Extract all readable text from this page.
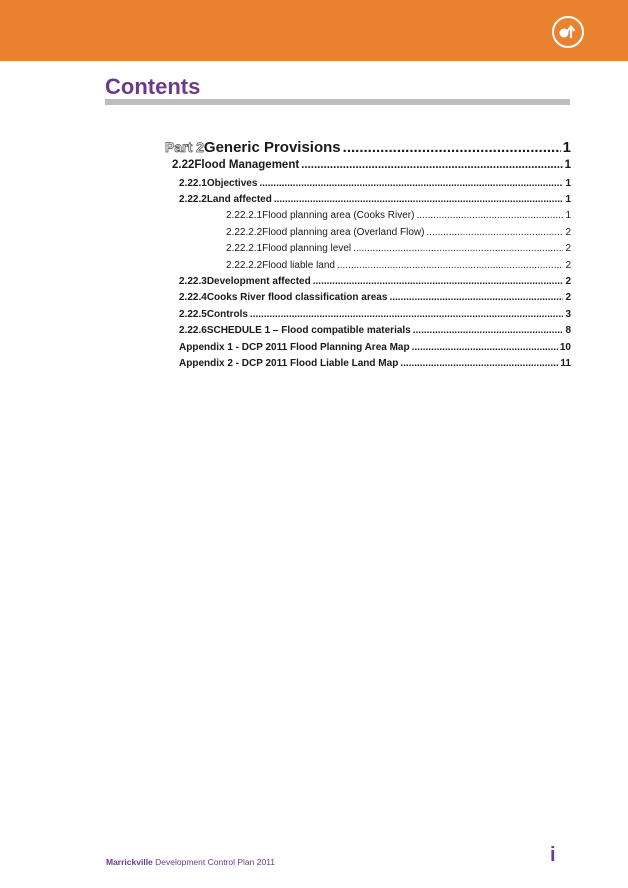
Contents
Part 2 Generic Provisions .....	1
2.22 Flood Management .....	1
2.22.1 Objectives .....	1
2.22.2 Land affected .....	1
2.22.2.1 Flood planning area (Cooks River) .....	1
2.22.2.2 Flood planning area (Overland Flow) .....	2
2.22.2.1 Flood planning level .....	2
2.22.2.2 Flood liable land .....	2
2.22.3 Development affected .....	2
2.22.4 Cooks River flood classification areas .....	2
2.22.5 Controls .....	3
2.22.6 SCHEDULE 1 – Flood compatible materials .....	8
Appendix 1 - DCP 2011 Flood Planning Area Map .....	10
Appendix 2 - DCP 2011 Flood Liable Land Map .....	11
Marrickville Development Control Plan 2011	i
